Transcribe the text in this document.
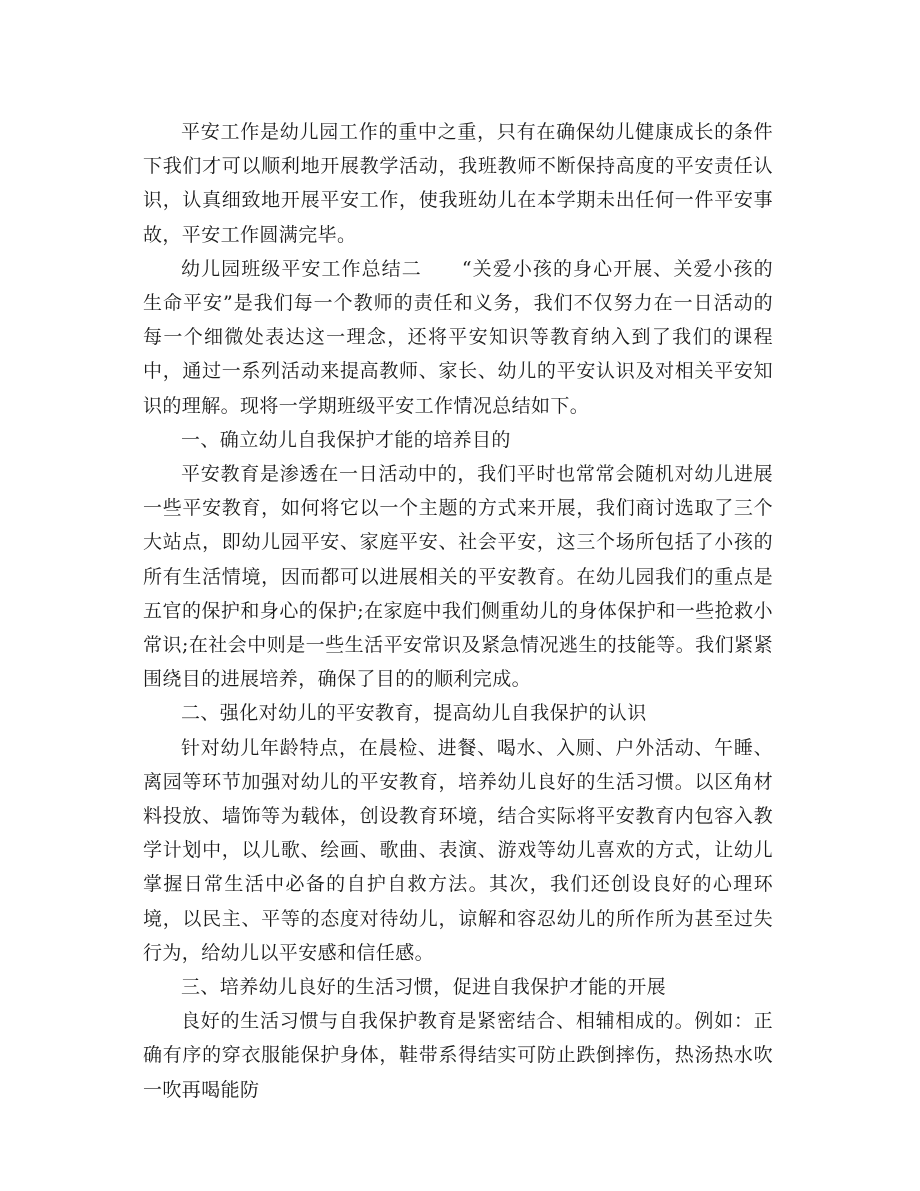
平安工作是幼儿园工作的重中之重，只有在确保幼儿健康成长的条件下我们才可以顺利地开展教学活动，我班教师不断保持高度的平安责任认识，认真细致地开展平安工作，使我班幼儿在本学期未出任何一件平安事故，平安工作圆满完毕。

幼儿园班级平安工作总结二　　“关爱小孩的身心开展、关爱小孩的生命平安”是我们每一个教师的责任和义务，我们不仅努力在一日活动的每一个细微处表达这一理念，还将平安知识等教育纳入到了我们的课程中，通过一系列活动来提高教师、家长、幼儿的平安认识及对相关平安知识的理解。现将一学期班级平安工作情况总结如下。

一、确立幼儿自我保护才能的培养目的

平安教育是渗透在一日活动中的，我们平时也常常会随机对幼儿进展一些平安教育，如何将它以一个主题的方式来开展，我们商讨选取了三个大站点，即幼儿园平安、家庭平安、社会平安，这三个场所包括了小孩的所有生活情境，因而都可以进展相关的平安教育。在幼儿园我们的重点是五官的保护和身心的保护;在家庭中我们侧重幼儿的身体保护和一些抢救小常识;在社会中则是一些生活平安常识及紧急情况逃生的技能等。我们紧紧围绕目的进展培养，确保了目的的顺利完成。

二、强化对幼儿的平安教育，提高幼儿自我保护的认识

针对幼儿年龄特点，在晨检、进餐、喝水、入厕、户外活动、午睡、离园等环节加强对幼儿的平安教育，培养幼儿良好的生活习惯。以区角材料投放、墙饰等为载体，创设教育环境，结合实际将平安教育内包容入教学计划中，以儿歌、绘画、歌曲、表演、游戏等幼儿喜欢的方式，让幼儿掌握日常生活中必备的自护自救方法。其次，我们还创设良好的心理环境，以民主、平等的态度对待幼儿，谅解和容忍幼儿的所作所为甚至过失行为，给幼儿以平安感和信任感。

三、培养幼儿良好的生活习惯，促进自我保护才能的开展

良好的生活习惯与自我保护教育是紧密结合、相辅相成的。例如：正确有序的穿衣服能保护身体，鞋带系得结实可防止跌倒摔伤，热汤热水吹一吹再喝能防
